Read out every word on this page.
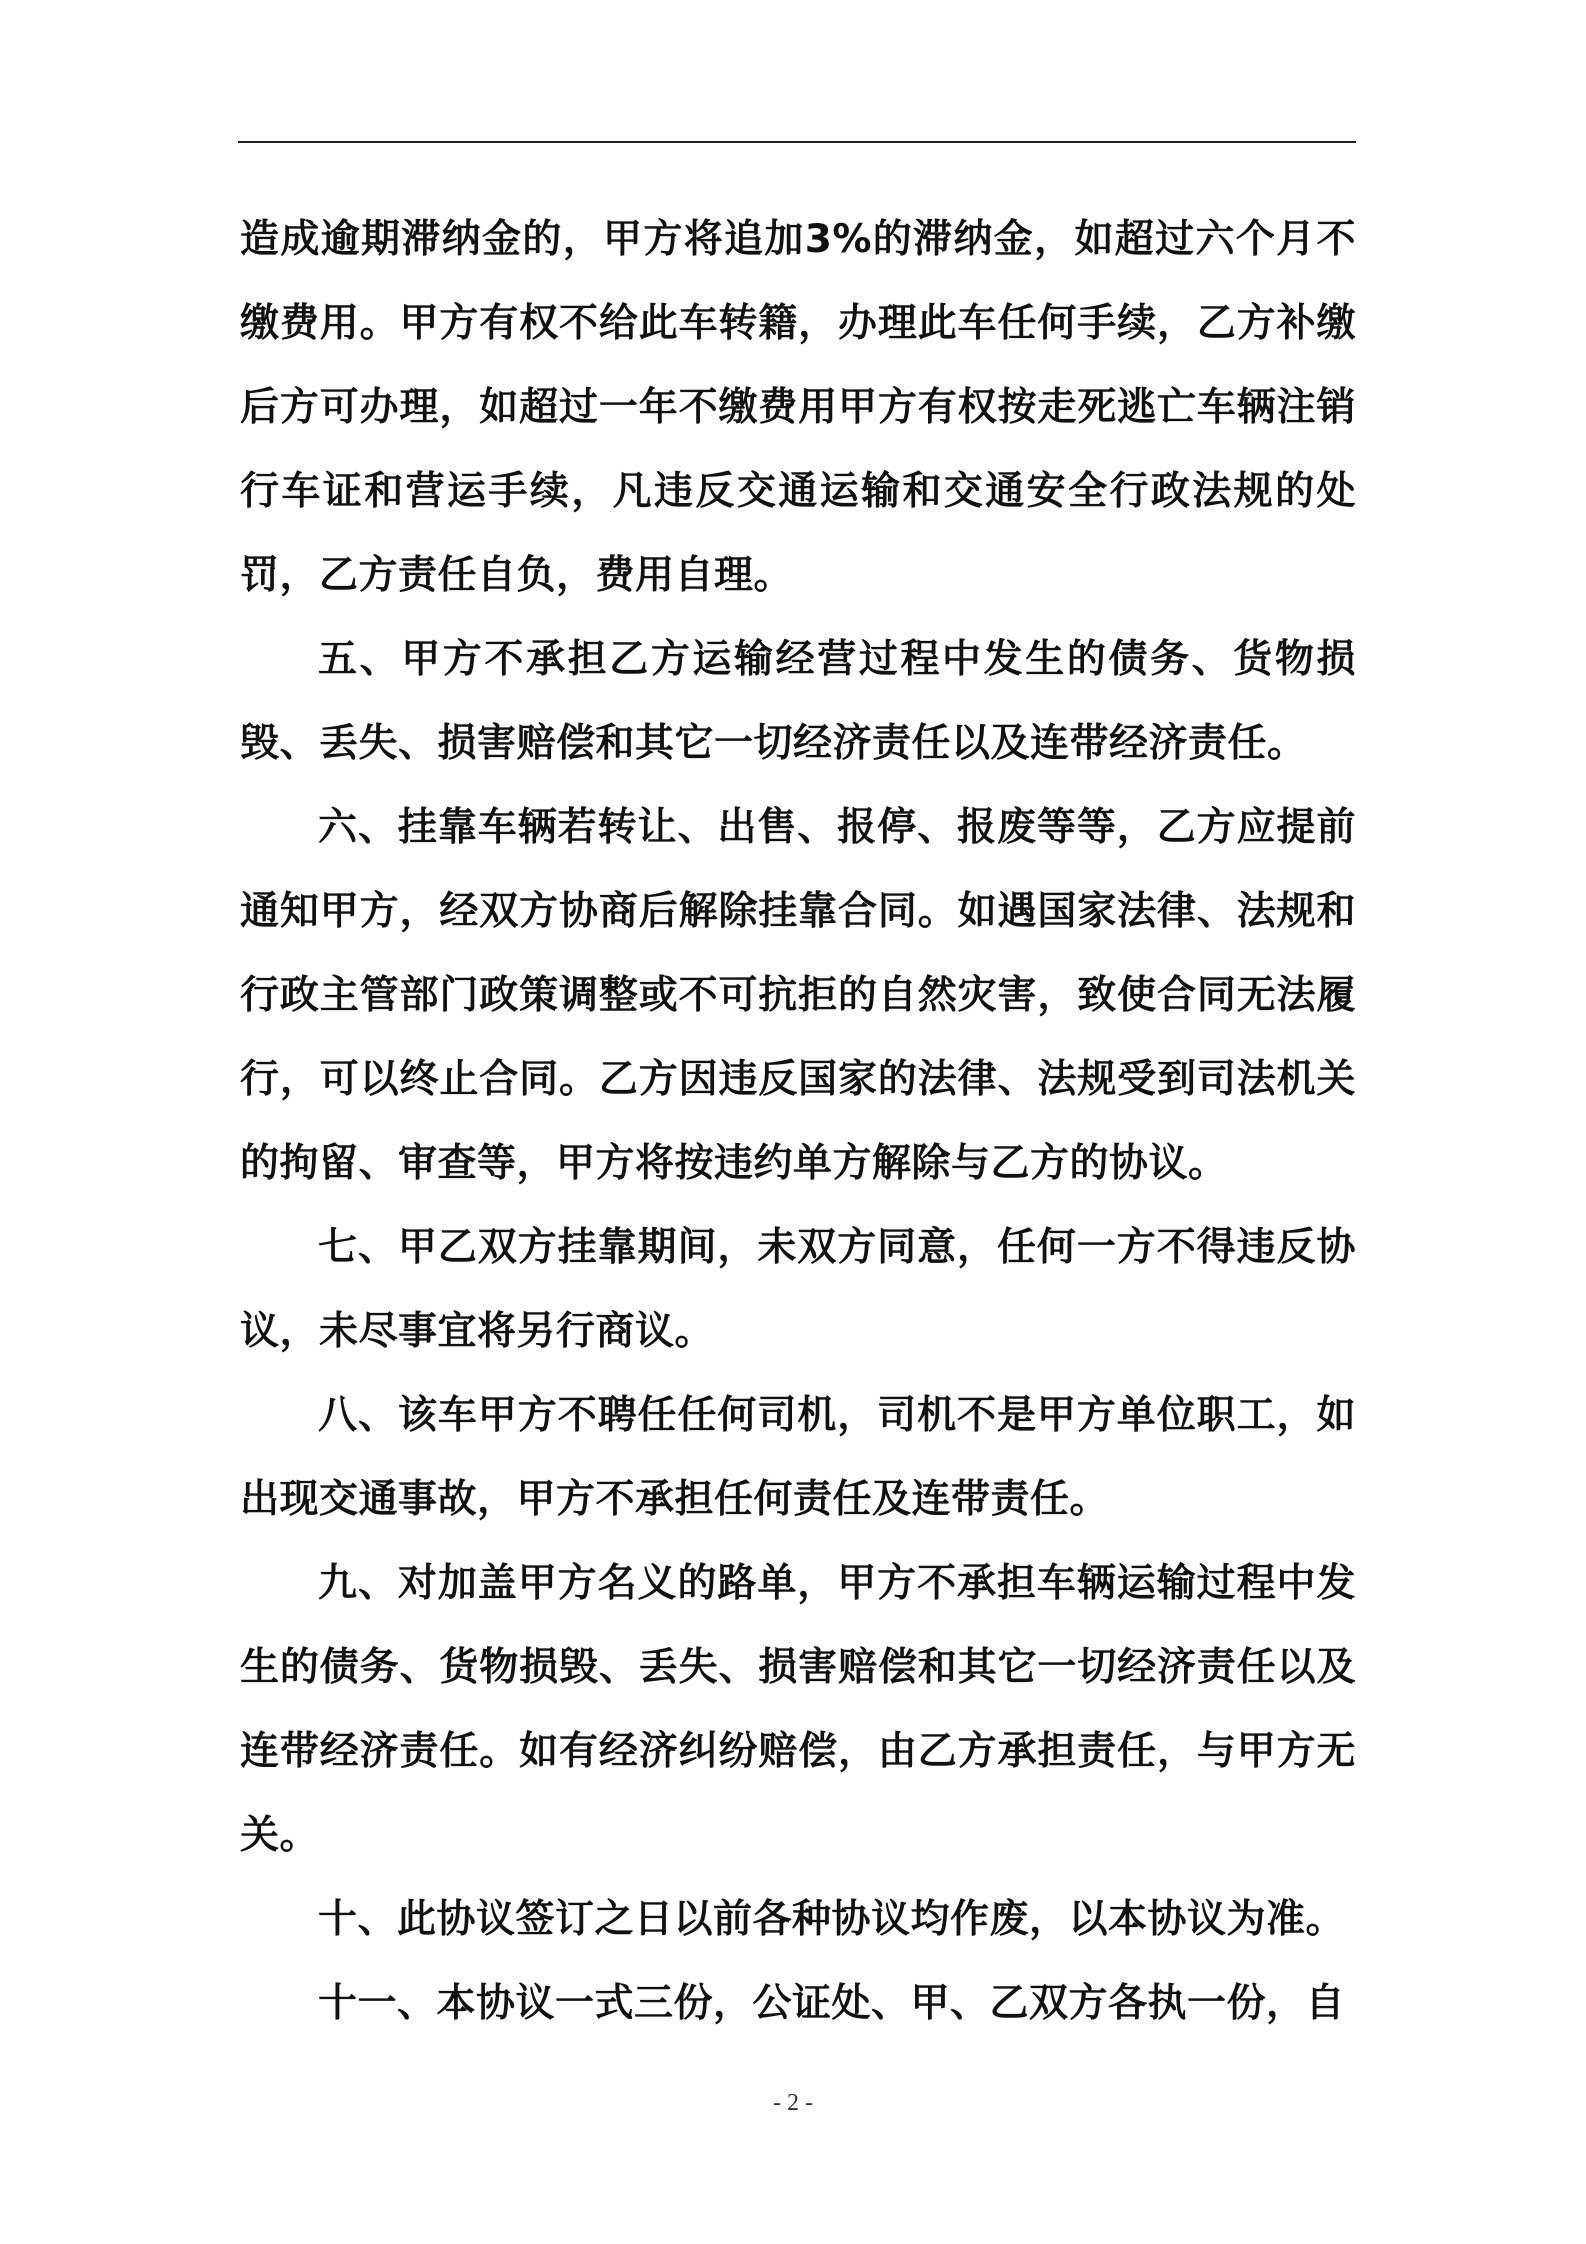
造成逾期滞纳金的，甲方将追加3%的滞纳金，如超过六个月不缴费用。甲方有权不给此车转籍，办理此车任何手续，乙方补缴后方可办理，如超过一年不缴费用甲方有权按走死逃亡车辆注销行车证和营运手续，凡违反交通运输和交通安全行政法规的处罚，乙方责任自负，费用自理。

五、甲方不承担乙方运输经营过程中发生的债务、货物损毁、丢失、损害赔偿和其它一切经济责任以及连带经济责任。

六、挂靠车辆若转让、出售、报停、报废等等，乙方应提前通知甲方，经双方协商后解除挂靠合同。如遇国家法律、法规和行政主管部门政策调整或不可抗拒的自然灾害，致使合同无法履行，可以终止合同。乙方因违反国家的法律、法规受到司法机关的拘留、审查等，甲方将按违约单方解除与乙方的协议。

七、甲乙双方挂靠期间，未双方同意，任何一方不得违反协议，未尽事宜将另行商议。

八、该车甲方不聘任任何司机，司机不是甲方单位职工，如出现交通事故，甲方不承担任何责任及连带责任。

九、对加盖甲方名义的路单，甲方不承担车辆运输过程中发生的债务、货物损毁、丢失、损害赔偿和其它一切经济责任以及连带经济责任。如有经济纠纷赔偿，由乙方承担责任，与甲方无关。

十、此协议签订之日以前各种协议均作废，以本协议为准。

十一、本协议一式三份，公证处、甲、乙双方各执一份，自

- 2 -
